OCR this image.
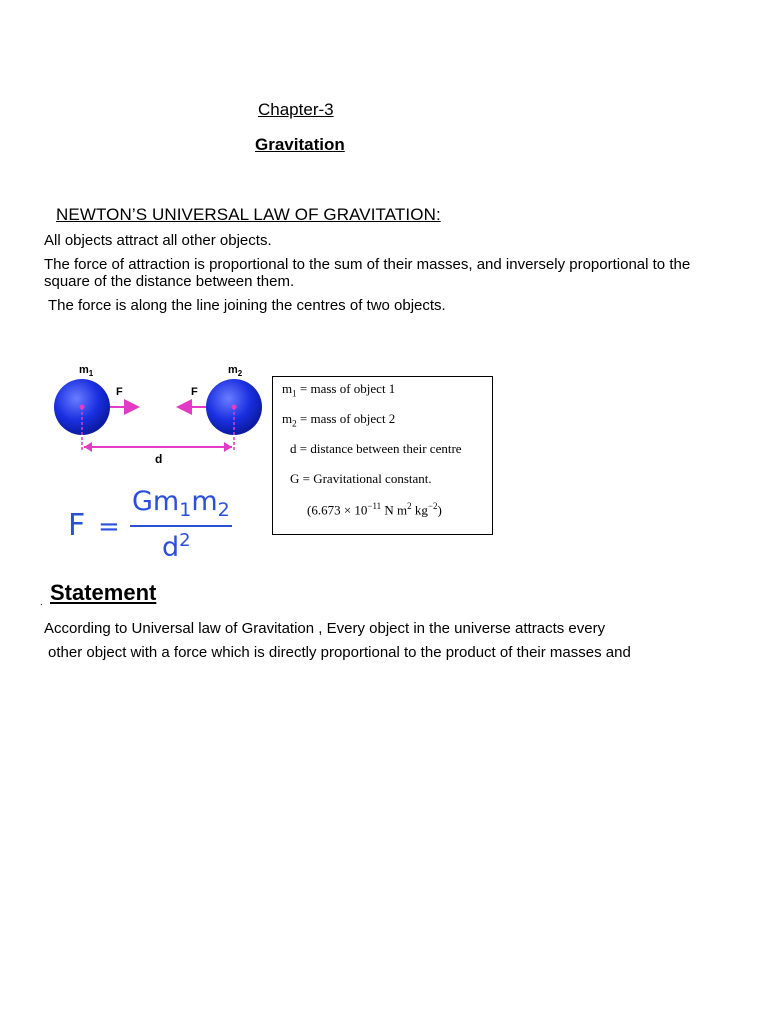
Chapter-3
Gravitation
NEWTON’S UNIVERSAL LAW OF GRAVITATION:
All objects attract all other objects.
The force of attraction is proportional to the sum of their masses, and inversely proportional to the square of the distance between them.
The force is along the line joining the centres of two objects.
$m_1$	$m_2$
F	F
d
F =
$Gm_1m_2$
$d^2$
$m_1$ = mass of object 1
$m_2$ = mass of object 2
d = distance between their centre
G = Gravitational constant.
($6.673 \times 10^{-11}$ N $m^2$ $kg^{-2}$)
. Statement
According to Universal law of Gravitation , Every object in the universe attracts every
other object with a force which is directly proportional to the product of their masses and
